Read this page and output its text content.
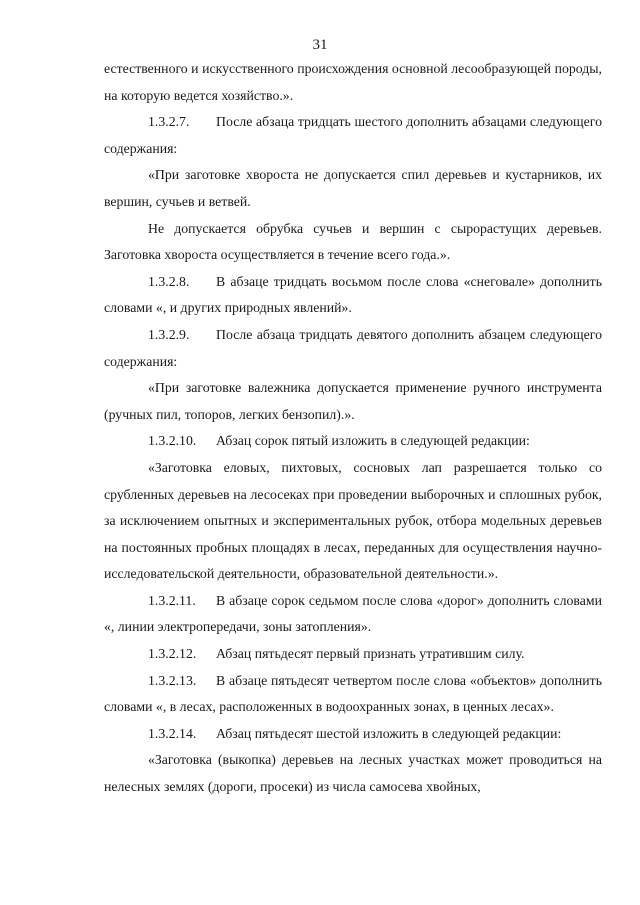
31

естественного и искусственного происхождения основной лесообразующей породы, на которую ведется хозяйство.».

1.3.2.7. После абзаца тридцать шестого дополнить абзацами следующего содержания:

«При заготовке хвороста не допускается спил деревьев и кустарников, их вершин, сучьев и ветвей.

Не допускается обрубка сучьев и вершин с сырорастущих деревьев. Заготовка хвороста осуществляется в течение всего года.».

1.3.2.8. В абзаце тридцать восьмом после слова «снеговале» дополнить словами «, и других природных явлений».

1.3.2.9. После абзаца тридцать девятого дополнить абзацем следующего содержания:

«При заготовке валежника допускается применение ручного инструмента (ручных пил, топоров, легких бензопил).».

1.3.2.10. Абзац сорок пятый изложить в следующей редакции:

«Заготовка еловых, пихтовых, сосновых лап разрешается только со срубленных деревьев на лесосеках при проведении выборочных и сплошных рубок, за исключением опытных и экспериментальных рубок, отбора модельных деревьев на постоянных пробных площадях в лесах, переданных для осуществления научно-исследовательской деятельности, образовательной деятельности.».

1.3.2.11. В абзаце сорок седьмом после слова «дорог» дополнить словами «, линии электропередачи, зоны затопления».

1.3.2.12. Абзац пятьдесят первый признать утратившим силу.

1.3.2.13. В абзаце пятьдесят четвертом после слова «объектов» дополнить словами «, в лесах, расположенных в водоохранных зонах, в ценных лесах».

1.3.2.14. Абзац пятьдесят шестой изложить в следующей редакции:

«Заготовка (выкопка) деревьев на лесных участках может проводиться на нелесных землях (дороги, просеки) из числа самосева хвойных,
